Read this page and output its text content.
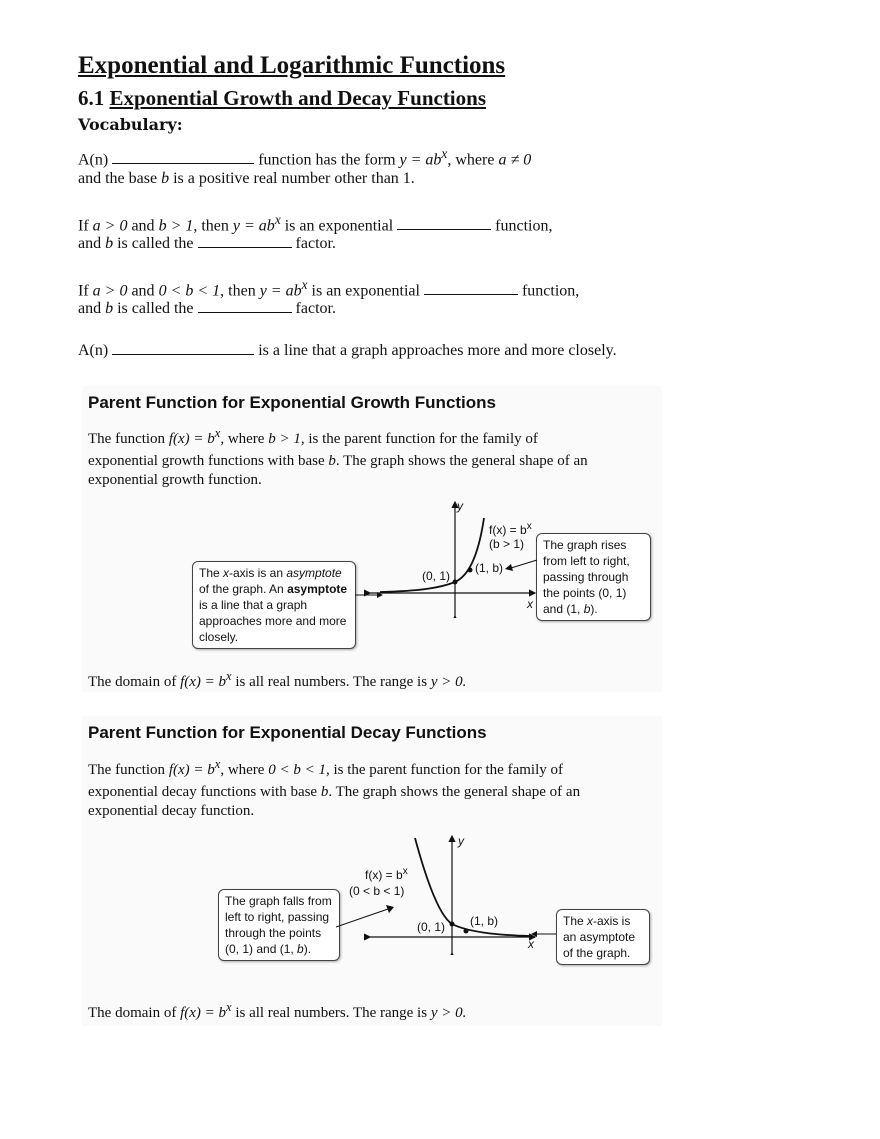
Exponential and Logarithmic Functions
6.1 Exponential Growth and Decay Functions
Vocabulary:
A(n)	function has the form $y = ab^x$, where a ≠ 0
and the base b is a positive real number other than 1.
If a > 0 and b > 1, then $y = ab^x$ is an exponential	function,
and b is called the	factor.
If a > 0 and 0 < b < 1, then $y = ab^x$ is an exponential	function,
and b is called the	factor.
A(n)	is a line that a graph approaches more and more closely.
Parent Function for Exponential Growth Functions
The function $f(x) = b^x$, where b > 1, is the parent function for the family of
exponential growth functions with base b. The graph shows the general shape of an
exponential growth function.
y
x
$f(x) = b^x$
(b > 1)
(0, 1)
(1, b)
The x-axis is an asymptote of the graph. An asymptote is a line that a graph approaches more and more closely.
The graph rises from left to right, passing through the points (0, 1) and (1, b).
The domain of $f(x) = b^x$ is all real numbers. The range is y > 0.
Parent Function for Exponential Decay Functions
The function $f(x) = b^x$, where 0 < b < 1, is the parent function for the family of
exponential decay functions with base b. The graph shows the general shape of an
exponential decay function.
y
x
$f(x) = b^x$
(0 < b < 1)
(0, 1) (1, b)
The graph falls from left to right, passing through the points (0, 1) and (1, b).
The x-axis is an asymptote of the graph.
The domain of $f(x) = b^x$ is all real numbers. The range is y > 0.
